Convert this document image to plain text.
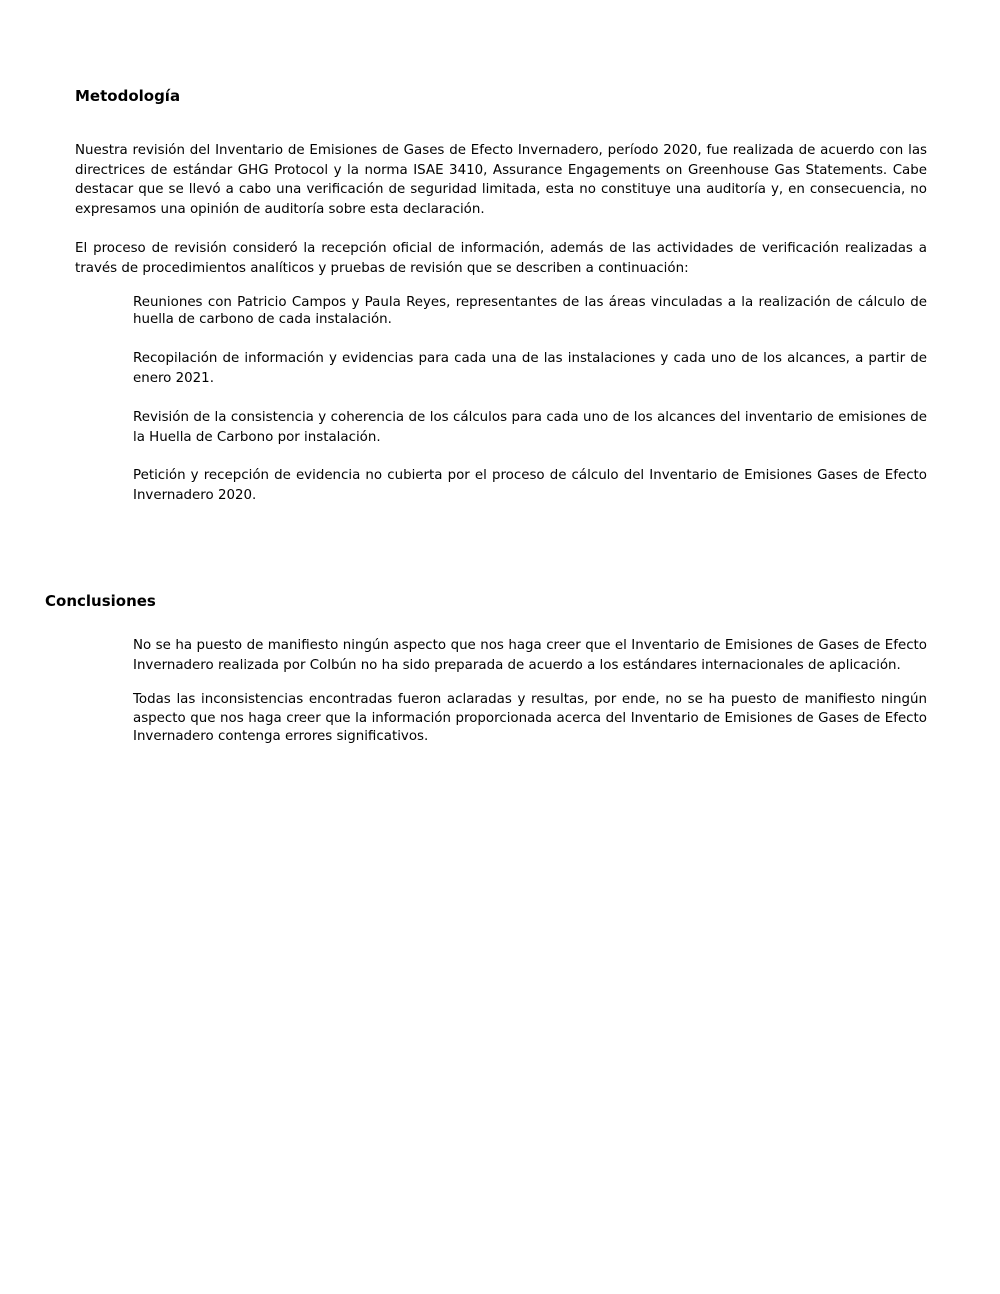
Metodología

Nuestra revisión del Inventario de Emisiones de Gases de Efecto Invernadero, período 2020, fue realizada de acuerdo con las directrices de estándar GHG Protocol y la norma ISAE 3410, Assurance Engagements on Greenhouse Gas Statements. Cabe destacar que se llevó a cabo una verificación de seguridad limitada, esta no constituye una auditoría y, en consecuencia, no expresamos una opinión de auditoría sobre esta declaración.

El proceso de revisión consideró la recepción oficial de información, además de las actividades de verificación realizadas a través de procedimientos analíticos y pruebas de revisión que se describen a continuación:

Reuniones con Patricio Campos y Paula Reyes, representantes de las áreas vinculadas a la realización de cálculo de huella de carbono de cada instalación.

Recopilación de información y evidencias para cada una de las instalaciones y cada uno de los alcances, a partir de enero 2021.

Revisión de la consistencia y coherencia de los cálculos para cada uno de los alcances del inventario de emisiones de la Huella de Carbono por instalación.

Petición y recepción de evidencia no cubierta por el proceso de cálculo del Inventario de Emisiones Gases de Efecto Invernadero 2020.

Conclusiones

No se ha puesto de manifiesto ningún aspecto que nos haga creer que el Inventario de Emisiones de Gases de Efecto Invernadero realizada por Colbún no ha sido preparada de acuerdo a los estándares internacionales de aplicación.

Todas las inconsistencias encontradas fueron aclaradas y resultas, por ende, no se ha puesto de manifiesto ningún aspecto que nos haga creer que la información proporcionada acerca del Inventario de Emisiones de Gases de Efecto Invernadero contenga errores significativos.
